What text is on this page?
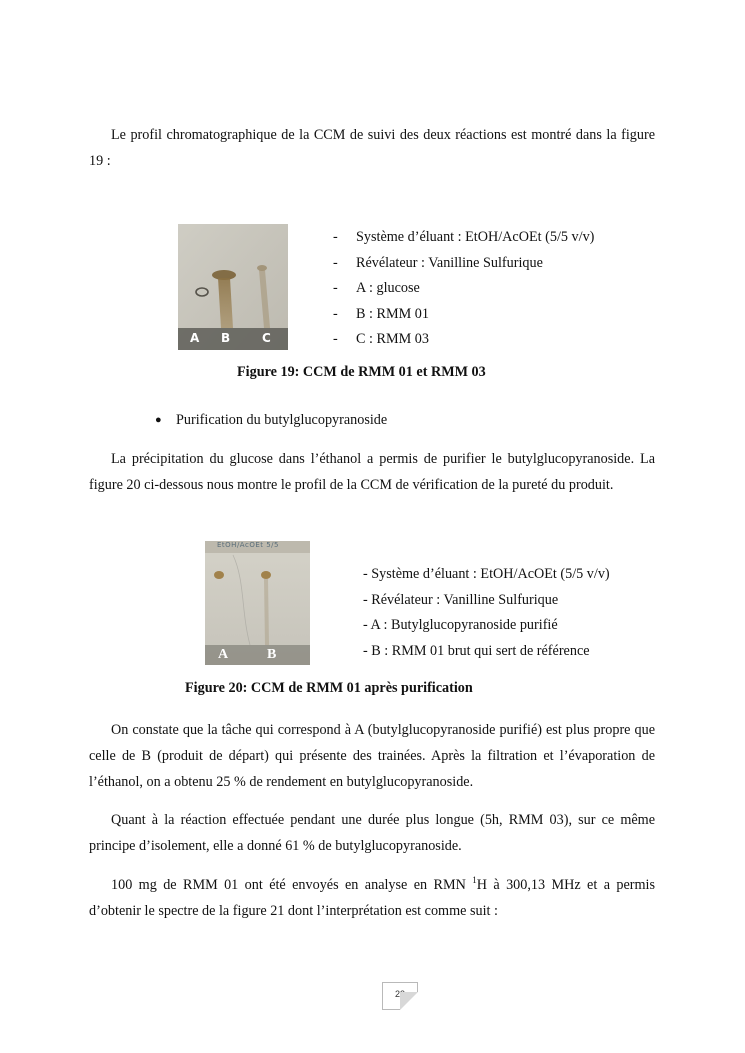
Le profil chromatographique de la CCM de suivi des deux réactions est montré dans la figure 19 :

A B	C
- Système d’éluant : EtOH/AcOEt (5/5 v/v)
- Révélateur : Vanilline Sulfurique
- A : glucose
- B : RMM 01
- C : RMM 03

Figure 19: CCM de RMM 01 et RMM 03

● Purification du butylglucopyranoside

La précipitation du glucose dans l’éthanol a permis de purifier le butylglucopyranoside. La figure 20 ci-dessous nous montre le profil de la CCM de vérification de la pureté du produit.

EtOH/AcOEt 5/5
A	B
- Système d’éluant : EtOH/AcOEt (5/5 v/v)
- Révélateur : Vanilline Sulfurique
- A : Butylglucopyranoside purifié
- B : RMM 01 brut qui sert de référence

Figure 20: CCM de RMM 01 après purification

On constate que la tâche qui correspond à A (butylglucopyranoside purifié) est plus propre que celle de B (produit de départ) qui présente des trainées. Après la filtration et l’évaporation de l’éthanol, on a obtenu 25 % de rendement en butylglucopyranoside.

Quant à la réaction effectuée pendant une durée plus longue (5h, RMM 03), sur ce même principe d’isolement, elle a donné 61 % de butylglucopyranoside.

100 mg de RMM 01 ont été envoyés en analyse en RMN $^1$H à 300,13 MHz et a permis d’obtenir le spectre de la figure 21 dont l’interprétation est comme suit :

23
